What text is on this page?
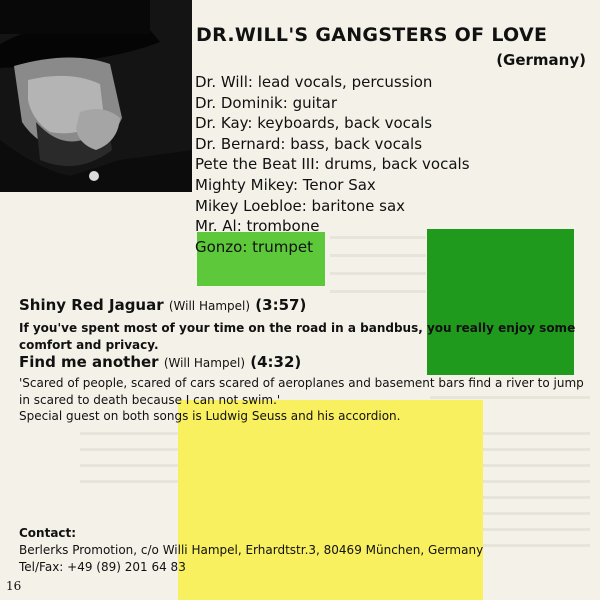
DR.WILL'S GANGSTERS OF LOVE
(Germany)
Dr. Will: lead vocals, percussion
Dr. Dominik: guitar
Dr. Kay: keyboards, back vocals
Dr. Bernard: bass, back vocals
Pete the Beat III: drums, back vocals
Mighty Mikey: Tenor Sax
Mikey Loebloe: baritone sax
Mr. Al: trombone
Gonzo: trumpet
Shiny Red Jaguar (Will Hampel) (3:57)
If you've spent most of your time on the road in a bandbus, you really enjoy some comfort and privacy.
Find me another (Will Hampel) (4:32)
'Scared of people, scared of cars scared of aeroplanes and basement bars find a river to jump in scared to death because I can not swim.'
Special guest on both songs is Ludwig Seuss and his accordion.
Contact:
Berlerks Promotion, c/o Willi Hampel, Erhardtstr.3, 80469 München, Germany
Tel/Fax: +49 (89) 201 64 83
16
